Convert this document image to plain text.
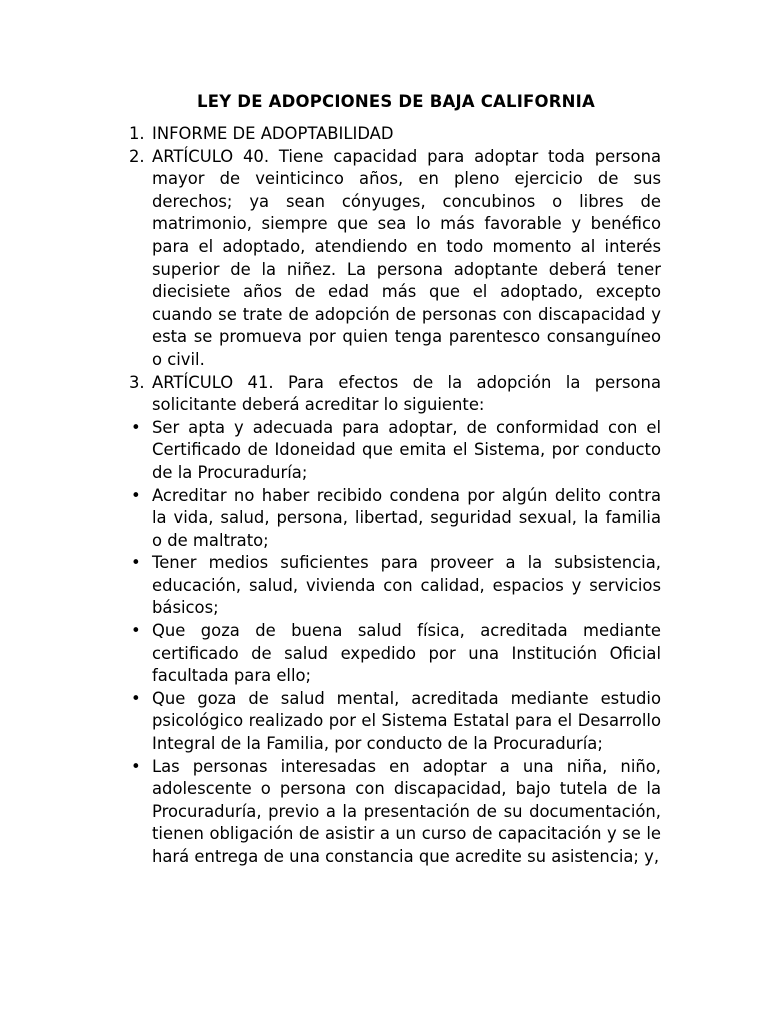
LEY DE ADOPCIONES DE BAJA CALIFORNIA
1. INFORME DE ADOPTABILIDAD
2. ARTÍCULO 40. Tiene capacidad para adoptar toda persona mayor de veinticinco años, en pleno ejercicio de sus derechos; ya sean cónyuges, concubinos o libres de matrimonio, siempre que sea lo más favorable y benéfico para el adoptado, atendiendo en todo momento al interés superior de la niñez. La persona adoptante deberá tener diecisiete años de edad más que el adoptado, excepto cuando se trate de adopción de personas con discapacidad y esta se promueva por quien tenga parentesco consanguíneo o civil.
3. ARTÍCULO 41. Para efectos de la adopción la persona solicitante deberá acreditar lo siguiente:
• Ser apta y adecuada para adoptar, de conformidad con el Certificado de Idoneidad que emita el Sistema, por conducto de la Procuraduría;
• Acreditar no haber recibido condena por algún delito contra la vida, salud, persona, libertad, seguridad sexual, la familia o de maltrato;
• Tener medios suficientes para proveer a la subsistencia, educación, salud, vivienda con calidad, espacios y servicios básicos;
• Que goza de buena salud física, acreditada mediante certificado de salud expedido por una Institución Oficial facultada para ello;
• Que goza de salud mental, acreditada mediante estudio psicológico realizado por el Sistema Estatal para el Desarrollo Integral de la Familia, por conducto de la Procuraduría;
• Las personas interesadas en adoptar a una niña, niño, adolescente o persona con discapacidad, bajo tutela de la Procuraduría, previo a la presentación de su documentación, tienen obligación de asistir a un curso de capacitación y se le hará entrega de una constancia que acredite su asistencia; y,
